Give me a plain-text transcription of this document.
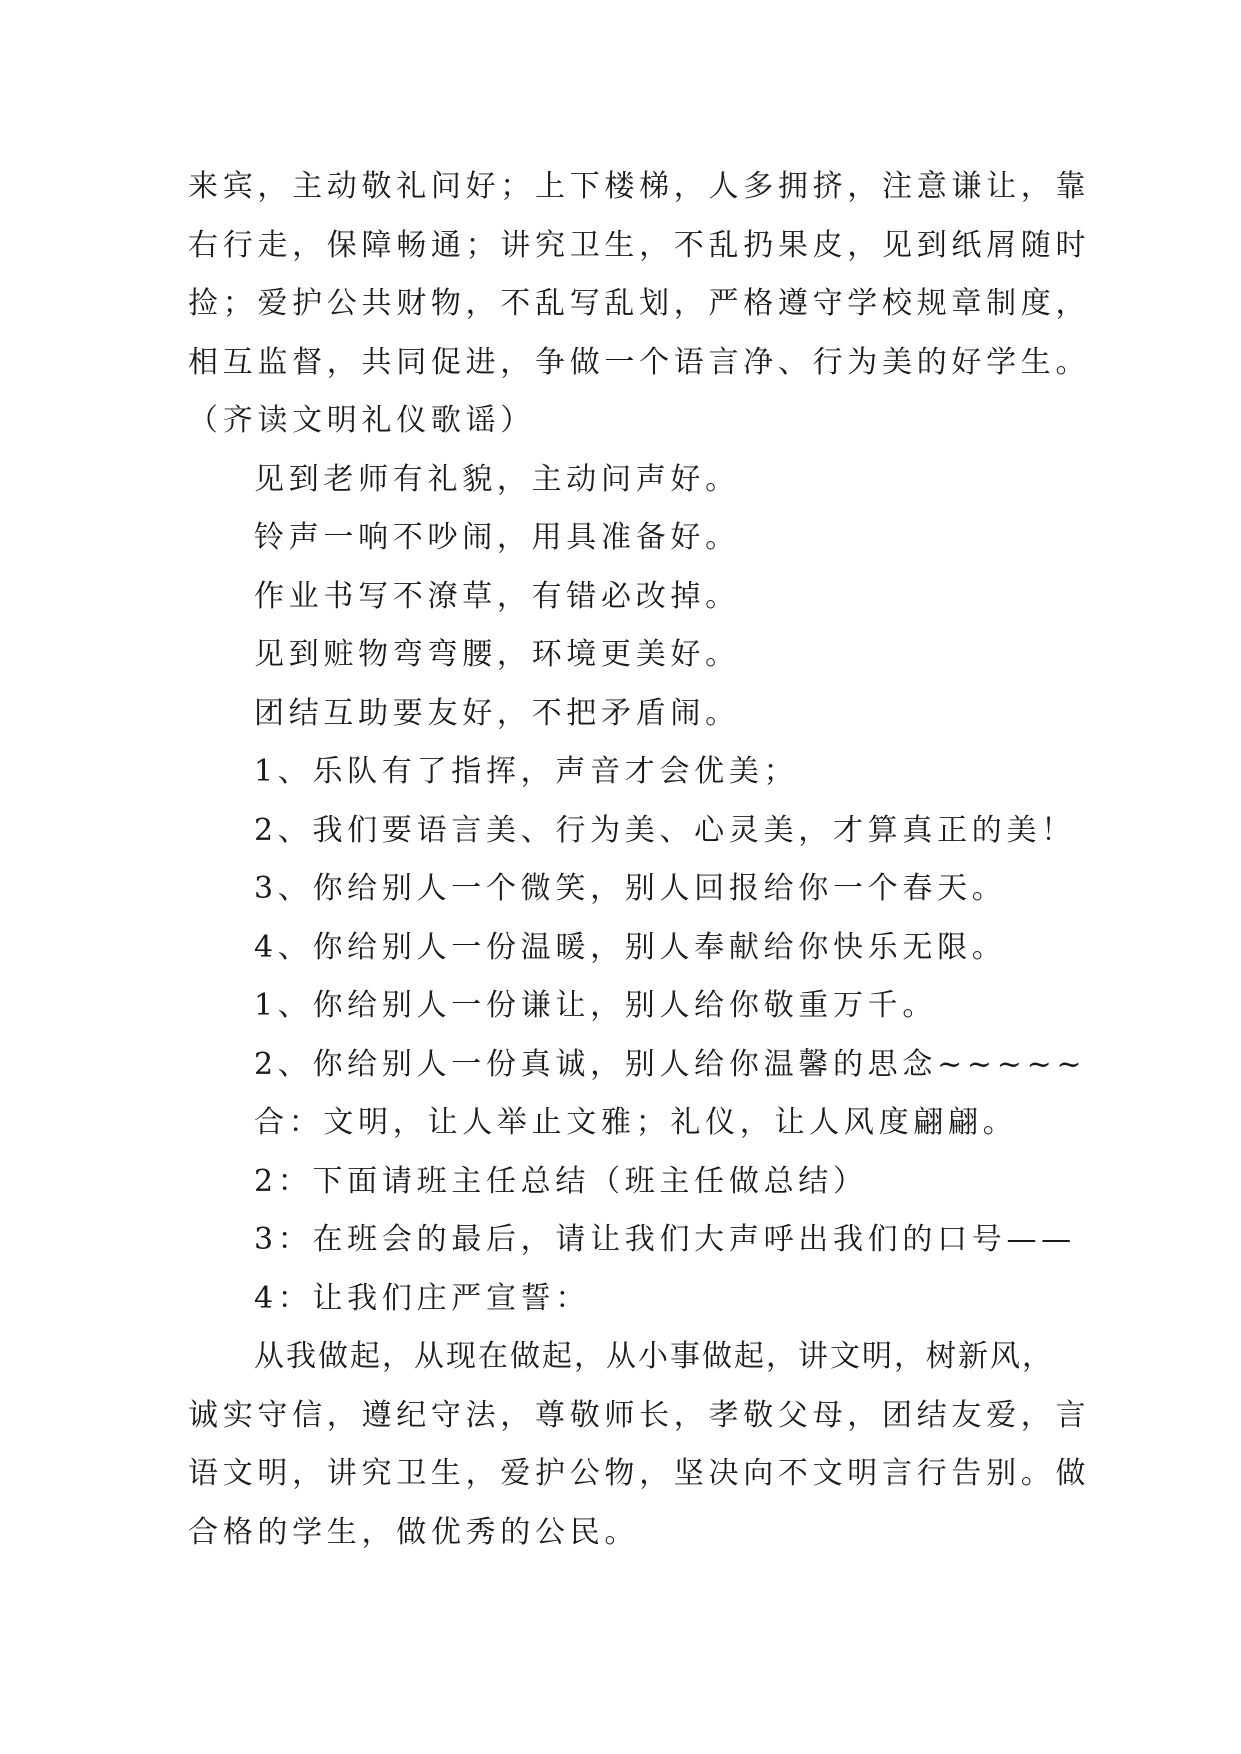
来宾，主动敬礼问好；上下楼梯，人多拥挤，注意谦让，靠
右行走，保障畅通；讲究卫生，不乱扔果皮，见到纸屑随时
捡；爱护公共财物，不乱写乱划，严格遵守学校规章制度，
相互监督，共同促进，争做一个语言净、行为美的好学生。
（齐读文明礼仪歌谣）
见到老师有礼貌，主动问声好。
铃声一响不吵闹，用具准备好。
作业书写不潦草，有错必改掉。
见到赃物弯弯腰，环境更美好。
团结互助要友好，不把矛盾闹。
1、乐队有了指挥，声音才会优美；
2、我们要语言美、行为美、心灵美，才算真正的美！
3、你给别人一个微笑，别人回报给你一个春天。
4、你给别人一份温暖，别人奉献给你快乐无限。
1、你给别人一份谦让，别人给你敬重万千。
2、你给别人一份真诚，别人给你温馨的思念~~~~~
合：文明，让人举止文雅；礼仪，让人风度翩翩。
2：下面请班主任总结（班主任做总结）
3：在班会的最后，请让我们大声呼出我们的口号——
4：让我们庄严宣誓：
从我做起，从现在做起，从小事做起，讲文明，树新风，
诚实守信，遵纪守法，尊敬师长，孝敬父母，团结友爱，言
语文明，讲究卫生，爱护公物，坚决向不文明言行告别。做
合格的学生，做优秀的公民。
